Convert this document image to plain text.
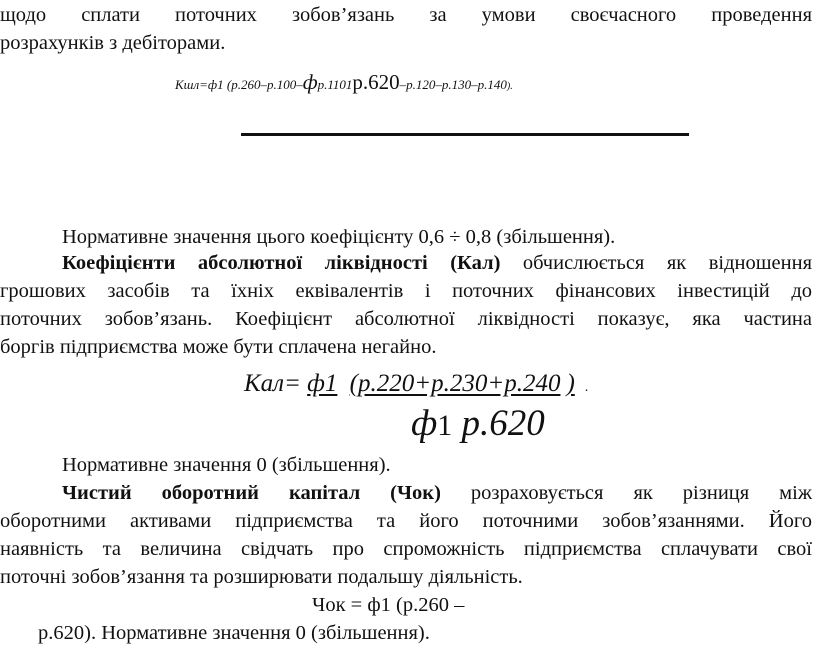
щодо сплати поточних зобов’язань за умови своєчасного проведення
розрахунків з дебіторами.
Кшл=ф1 (р.260–р.100–фр.1101р.620–р.120–р.130–р.140).
Нормативне значення цього коефіцієнту 0,6 ÷ 0,8 (збільшення).
Коефіцієнти абсолютної ліквідності (Кал) обчислюється як відношення
грошових засобів та їхніх еквівалентів і поточних фінансових інвестицій до
поточних зобов’язань. Коефіцієнт абсолютної ліквідності показує, яка частина
боргів підприємства може бути сплачена негайно.
Кал= ф1 (р.220+р.230+р.240 ) .
ф1 р.620
Нормативне значення 0 (збільшення).
Чистий оборотний капітал (Чок) розраховується як різниця між
оборотними активами підприємства та його поточними зобов’язаннями. Його
наявність та величина свідчать про спроможність підприємства сплачувати свої
поточні зобов’язання та розширювати подальшу діяльність.
Чок = ф1 (р.260 –
р.620). Нормативне значення 0 (збільшення).
